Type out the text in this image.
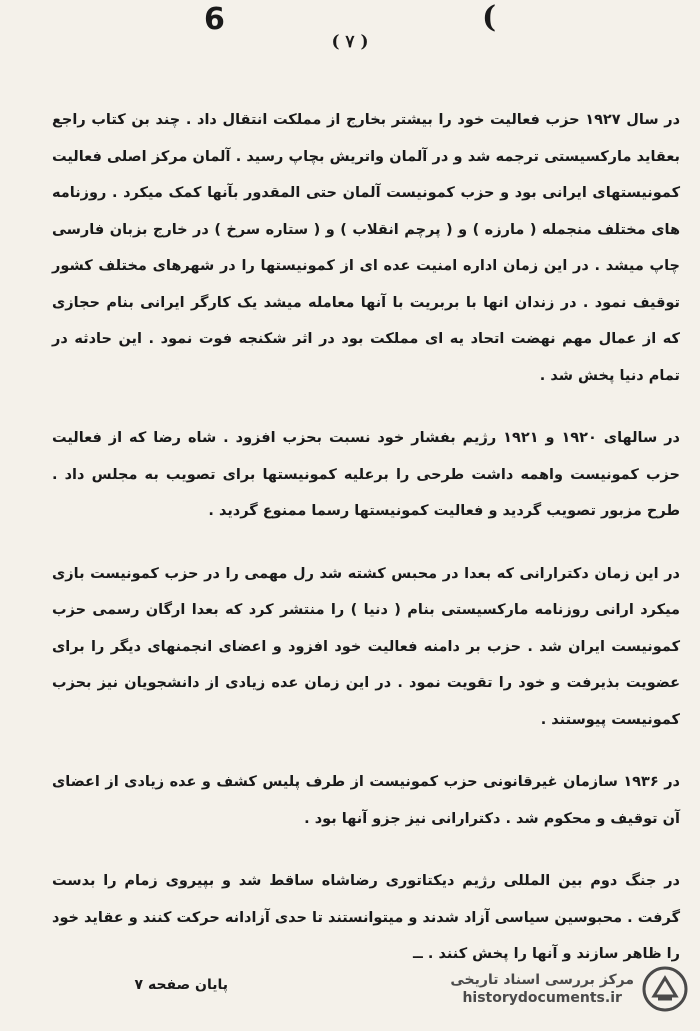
6	(
( ۷ )

در سال ۱۹۲۷ حزب فعالیت خود را بیشتر بخارج از مملکت انتقال داد . چند بن کتاب راجع بعقاید مارکسیستی ترجمه شد و در آلمان واتریش بچاپ رسید . آلمان مرکز اصلی فعالیت کمونیستهای ایرانی بود و حزب کمونیست آلمان حتی المقدور بآنها کمک میکرد . روزنامه های مختلف منجمله ( مارزه ) و ( پرچم انقلاب ) و ( ستاره سرخ ) در خارج بزبان فارسی چاپ میشد . در این زمان اداره امنیت عده ای از کمونیستها را در شهرهای مختلف کشور توقیف نمود . در زندان انها با بربریت با آنها معامله میشد یک کارگر ایرانی بنام حجازی که از عمال مهم نهضت اتحاد یه ای مملکت بود در اثر شکنجه فوت نمود . این حادثه در تمام دنیا پخش شد .

در سالهای ۱۹۲۰ و ۱۹۲۱ رژیم بفشار خود نسبت بحزب افزود . شاه رضا که از فعالیت حزب کمونیست واهمه داشت طرحی را برعلیه کمونیستها برای تصویب به مجلس داد . طرح مزبور تصویب گردید و فعالیت کمونیستها رسما ممنوع گردید .

در این زمان دکترارانی که بعدا در محبس کشته شد رل مهمی را در حزب کمونیست بازی میکرد ارانی روزنامه مارکسیستی بنام ( دنیا ) را منتشر کرد که بعدا ارگان رسمی حزب کمونیست ایران شد . حزب بر دامنه فعالیت خود افزود و اعضای انجمنهای دیگر را برای عضویت بذیرفت و خود را تقویت نمود . در این زمان عده زیادی از دانشجویان نیز بحزب کمونیست پیوستند .

در ۱۹۳۶ سازمان غیرقانونی حزب کمونیست از طرف پلیس کشف و عده زیادی از اعضای آن توقیف و محکوم شد . دکترارانی نیز جزو آنها بود .

در جنگ دوم بین المللی رژیم دیکتاتوری رضاشاه ساقط شد و بپیروی زمام را بدست گرفت . محبوسین سیاسی آزاد شدند و میتوانستند تا حدی آزادانه حرکت کنند و عقاید خود را ظاهر سازند و آنها را پخش کنند . ــ

پایان صفحه ۷	مرکز بررسی اسناد تاریخی
historydocuments.ir
